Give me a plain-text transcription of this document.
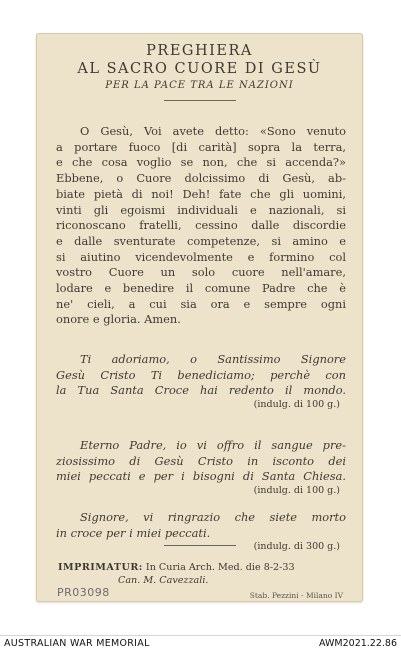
PREGHIERA
AL SACRO CUORE DI GESÙ
PER LA PACE TRA LE NAZIONI
O Gesù, Voi avete detto: «Sono venuto
a portare fuoco [di carità] sopra la terra,
e che cosa voglio se non, che si accenda?»
Ebbene, o Cuore dolcissimo di Gesù, ab-
biate pietà di noi! Deh! fate che gli uomini,
vinti gli egoismi individuali e nazionali, si
riconoscano fratelli, cessino dalle discordie
e dalle sventurate competenze, si amino e
si aiutino vicendevolmente e formino col
vostro Cuore un solo cuore nell'amare,
lodare e benedire il comune Padre che è
ne' cieli, a cui sia ora e sempre ogni
onore e gloria. Amen.
Ti adoriamo, o Santissimo Signore
Gesù Cristo Ti benediciamo; perchè con
la Tua Santa Croce hai redento il mondo.
(indulg. di 100 g.)
Eterno Padre, io vi offro il sangue pre-
ziosissimo di Gesù Cristo in isconto dei
miei peccati e per i bisogni di Santa Chiesa.
(indulg. di 100 g.)
Signore, vi ringrazio che siete morto
in croce per i miei peccati.
(indulg. di 300 g.)
IMPRIMATUR: In Curia Arch. Med. die 8-2-33
Can. M. Cavezzali.
PR03098	Stab. Pezzini - Milano IV
AUSTRALIAN WAR MEMORIAL	AWM2021.22.86
